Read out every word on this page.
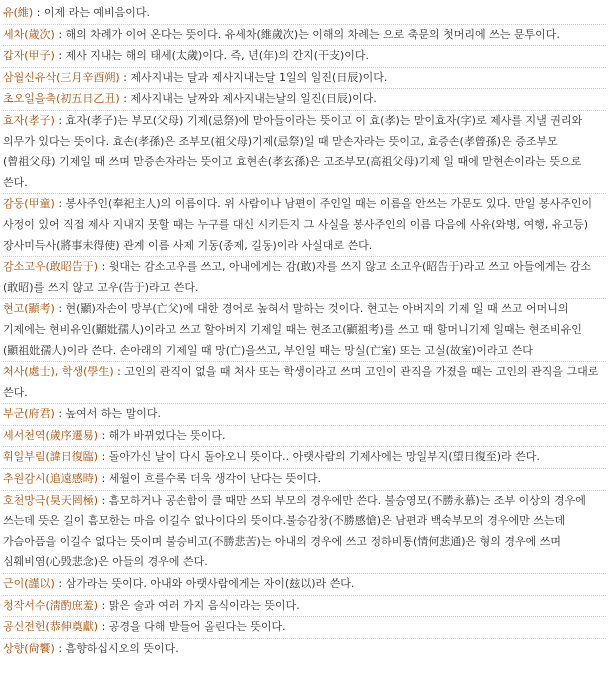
유(維) : 이제 라는 예비음이다.

세차(歲次) : 해의 차례가 이어 온다는 뜻이다. 유세차(維歲次)는 이해의 차례는 으로 축문의 첫머리에 쓰는 문투이다.

갑자(甲子) : 제사 지내는 해의 태세(太歲)이다. 즉, 년(年)의 간지(干支)이다.

삼월신유삭(三月辛酉朔) : 제사지내는 달과 제사지내는달 1일의 일진(日辰)이다.

초오일을축(初五日乙丑) : 제사지내는 날짜와 제사지내는날의 일진(日辰)이다.

효자(孝子) : 효자(孝子)는 부모(父母) 기제(忌祭)에 맏아들이라는 뜻이고 이 효(孝)는 맏이효자(字)로 제사를 지낼 권리와 의무가 있다는 뜻이다. 효손(孝孫)은 조부모(祖父母)기제(忌祭)일 때 맏손자라는 뜻이고, 효증손(孝曾孫)은 증조부모(曾祖父母) 기제일 때 쓰며 맏증손자라는 뜻이고 효현손(孝玄孫)은 고조부모(高祖父母)기제 일 때에 맏현손이라는 뜻으로 쓴다.

감동(甲童) : 봉사주인(奉祀主人)의 이름이다. 위 사람이나 남편이 주인일 때는 이름을 안쓰는 가문도 있다. 만일 봉사주인이 사정이 있어 직접 제사 지내지 못할 때는 누구를 대신 시키든지 그 사실을 봉사주인의 이름 다음에 사유(와병, 여행, 유고등)장사미득사(將事未得使) 관계 이름 사제 기동(종제, 길동)이라 사실대로 쓴다.

감소고우(敢昭告于) : 윗대는 감소고우를 쓰고, 아내에게는 감(敢)자를 쓰지 않고 소고우(昭告于)라고 쓰고 아들에게는 감소(敢昭)를 쓰지 않고 고우(告于)라고 쓴다.

현고(顯考) : 현(顯)자손이 망부(亡父)에 대한 경어로 높혀서 말하는 것이다. 현고는 아버지의 기제 일 때 쓰고 어머니의 기제에는 현비유인(顯妣孺人)이라고 쓰고 할아버지 기제일 때는 현조고(顯祖考)를 쓰고 때 할머니기제 일때는 현조비유인(顯祖妣孺人)이라 쓴다. 손아래의 기제일 때 망(亡)을쓰고, 부인일 때는 망실(亡室) 또는 고실(故室)이라고 쓴다

처사(處士), 학생(學生) : 고인의 관직이 없을 때 처사 또는 학생이라고 쓰며 고인이 관직을 가졌을 때는 고인의 관직을 그대로 쓴다.

부군(府君) : 높여서 하는 말이다.

세서천역(歲序遷易) : 해가 바뀌었다는 뜻이다.

휘일부림(諱日復臨) : 돌아가신 날이 다시 돌아오니 뜻이다.. 아랫사람의 기제사에는 망일부지(望日復至)라 쓴다.

추원감시(追遠感時) : 세월이 흐를수록 더욱 생각이 난다는 뜻이다.

호천망극(昊天罔極) : 흠모하거나 공손함이 클 때만 쓰되 부모의 경우에만 쓴다. 불승영모(不勝永慕)는 조부 이상의 경우에 쓰는데 뜻은 길이 흠모한는 마음 이길수 없나이다의 뜻이다.불승감창(不勝感愴)은 남편과 백숙부모의 경우에만 쓰는데 가슴아픔을 이길수 없다는 뜻이며 불승비고(不勝悲苦)는 아내의 경우에 쓰고 정하비통(情何悲通)은 형의 경우에 쓰며 심훼비염(心毁悲念)은 아들의 경우에 쓴다.

근이(謹以) : 삼가라는 뜻이다. 아내와 아랫사람에게는 자이(玆以)라 쓴다.

청작서수(淸酌庶羞) : 맑은 술과 여러 가지 음식이라는 뜻이다.

공신전헌(恭伸奠獻) : 공경을 다해 받들어 올린다는 뜻이다.

상향(尙饗) : 흠향하십시오의 뜻이다.
